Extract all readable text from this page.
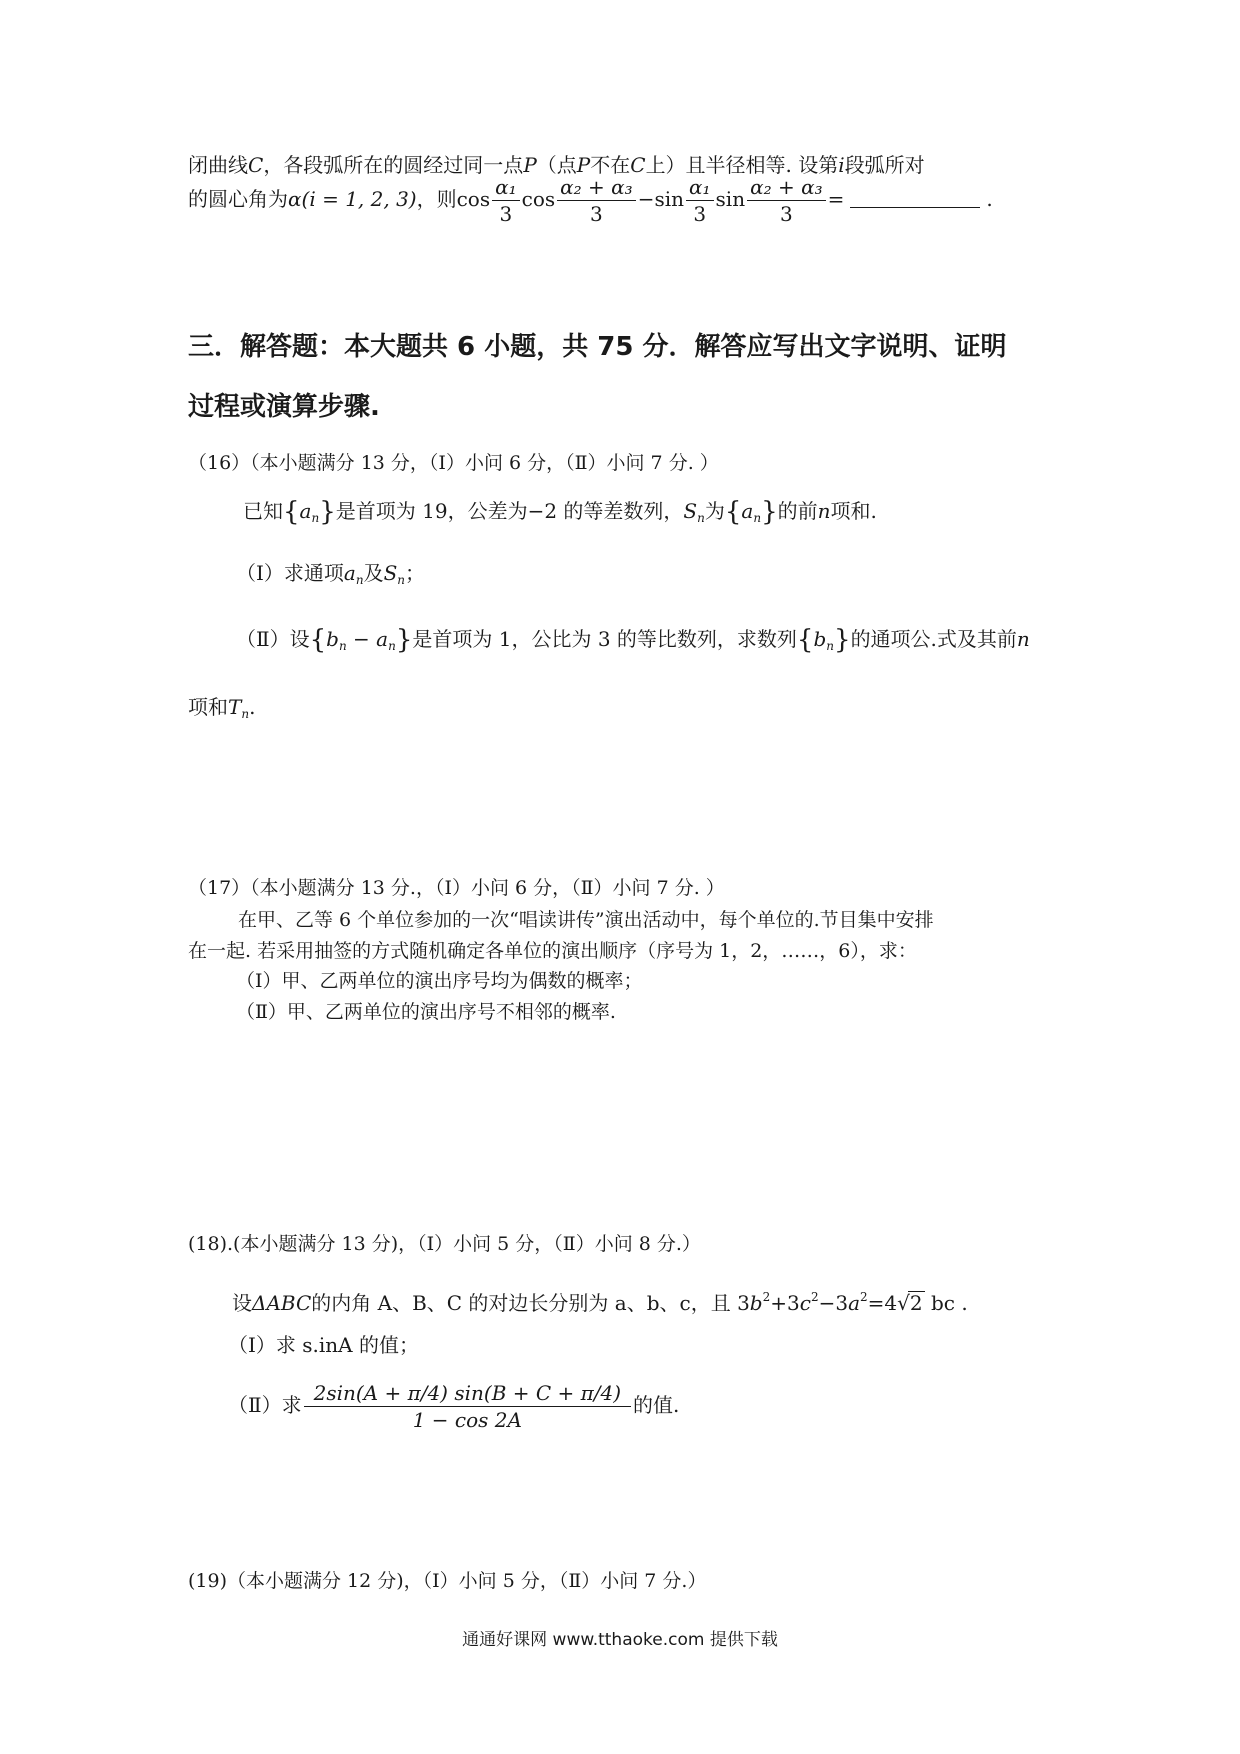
闭曲线C，各段弧所在的圆经过同一点P（点P不在C上）且半径相等. 设第i段弧所对
的圆心角为α(i = 1, 2, 3)，则$\cos \frac{\text{α₁}}{3}$ $\cos \frac{\text{α₂ + α₃}}{3} -\sin \frac{\text{α₁}}{3}$ $\sin \frac{\text{α₂ + α₃}}{3}$ =	.
三．解答题：本大题共 6 小题，共 75 分．解答应写出文字说明、证明
过程或演算步骤.
（16）（本小题满分 13 分，（Ⅰ）小问 6 分，（Ⅱ）小问 7 分. ）
已知$\{a_n\}$是首项为 19，公差为−2 的等差数列，$S_n$为$\{a_n\}$的前n项和.
（Ⅰ）求通项$a_n$及$S_n$；
（Ⅱ）设$\{b_n - a_n\}$是首项为 1，公比为 3 的等比数列，求数列$\{b_n\}$的通项公.式及其前n
项和$T_n$.
（17）（本小题满分 13 分.，（Ⅰ）小问 6 分，（Ⅱ）小问 7 分. ）
在甲、乙等 6 个单位参加的一次“唱读讲传”演出活动中，每个单位的.节目集中安排
在一起. 若采用抽签的方式随机确定各单位的演出顺序（序号为 1，2，……，6），求：
（Ⅰ）甲、乙两单位的演出序号均为偶数的概率；
（Ⅱ）甲、乙两单位的演出序号不相邻的概率.
(18).(本小题满分 13 分)，（Ⅰ）小问 5 分，（Ⅱ）小问 8 分.）
设ΔABC的内角 A、B、C 的对边长分别为 a、b、c，且 $3b^2+3c^2-3a^2=4√2$ bc .
（Ⅰ）求 s.inA 的值；
（Ⅱ）求 $\frac{2\sin(A + \pi/4) \sin(B + C + \pi/4)}{1 - \cos 2A}$ 的值.
(19)（本小题满分 12 分)，（Ⅰ）小问 5 分，（Ⅱ）小问 7 分.）
通通好课网 www.tthaoke.com 提供下载
